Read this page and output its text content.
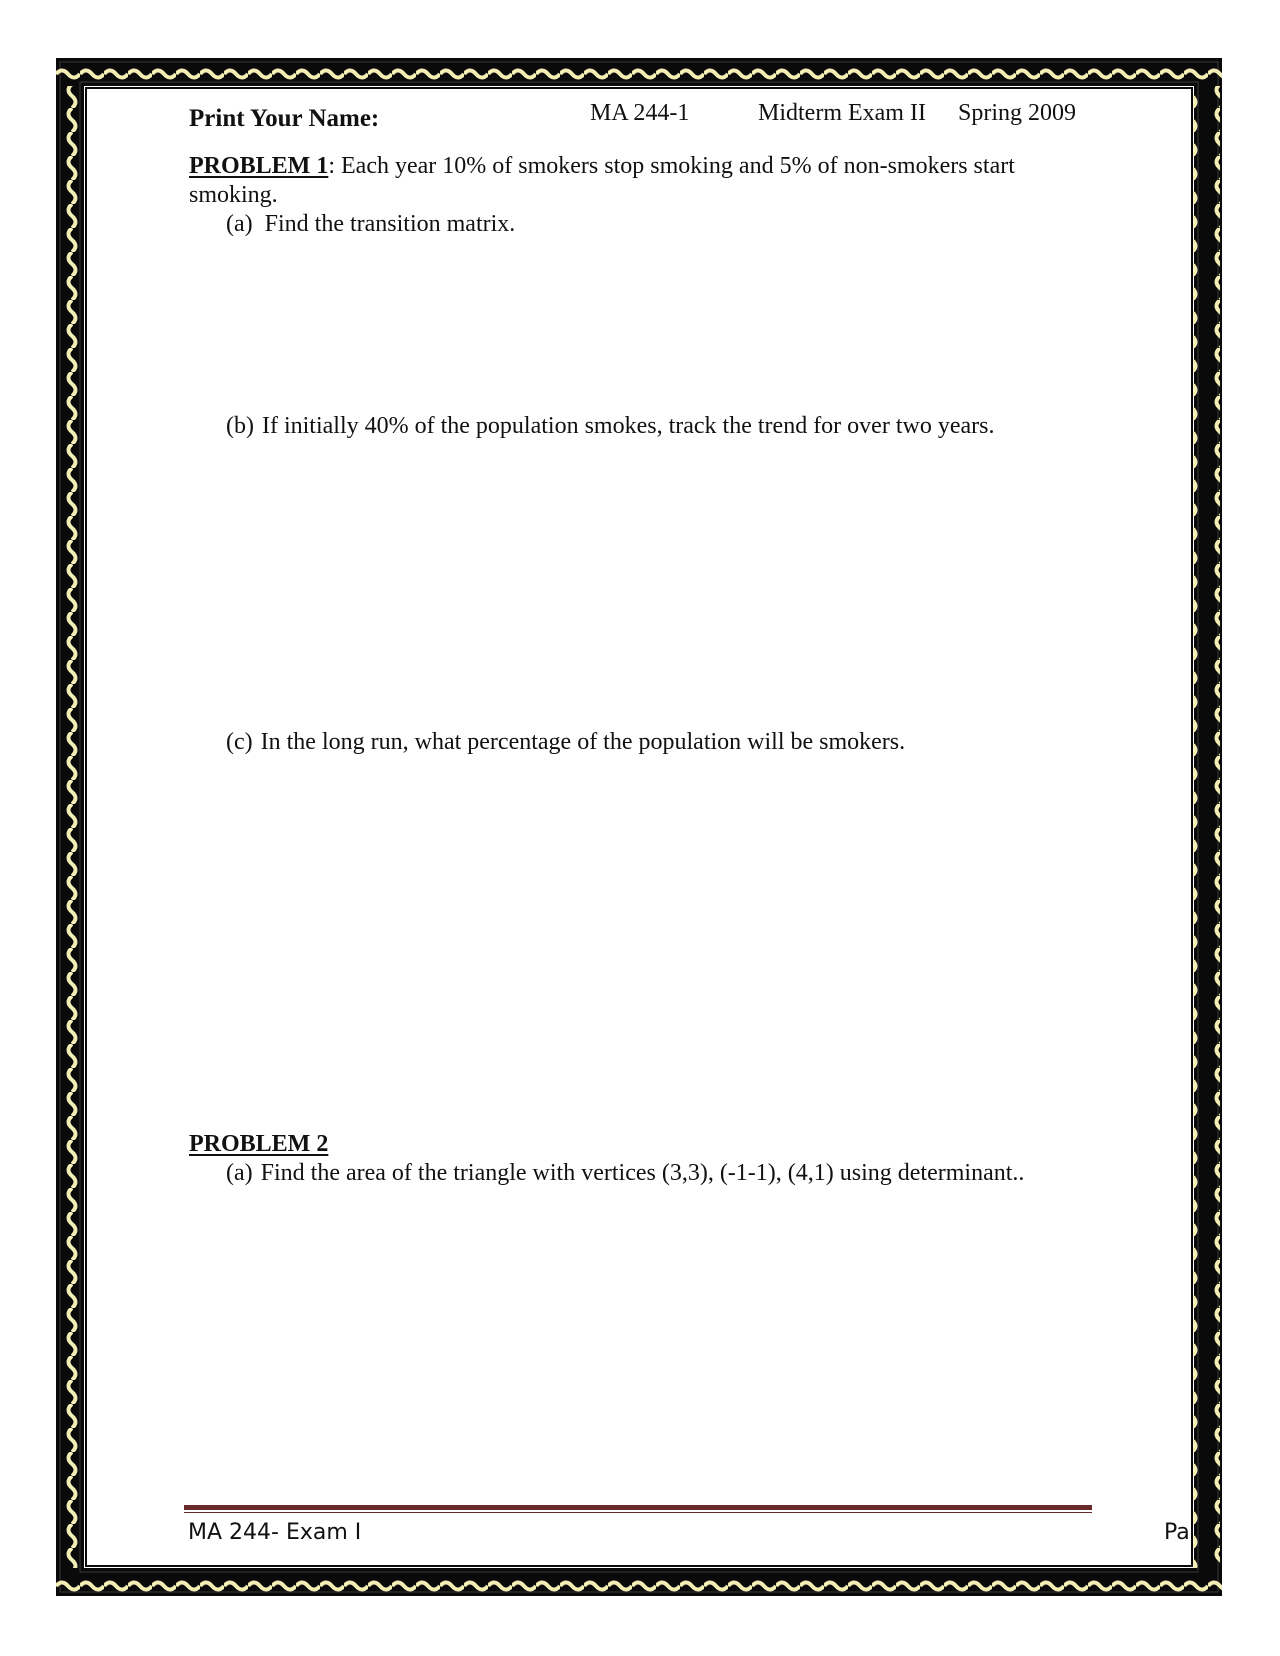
Print Your Name:	MA 244-1	Midterm Exam II Spring 2009
PROBLEM 1: Each year 10% of smokers stop smoking and 5% of non-smokers start
smoking.
(a) Find the transition matrix.
(b) If initially 40% of the population smokes, track the trend for over two years.
(c) In the long run, what percentage of the population will be smokers.
PROBLEM 2
(a) Find the area of the triangle with vertices (3,3), (-1-1), (4,1) using determinant..
MA 244- Exam I	Pa
